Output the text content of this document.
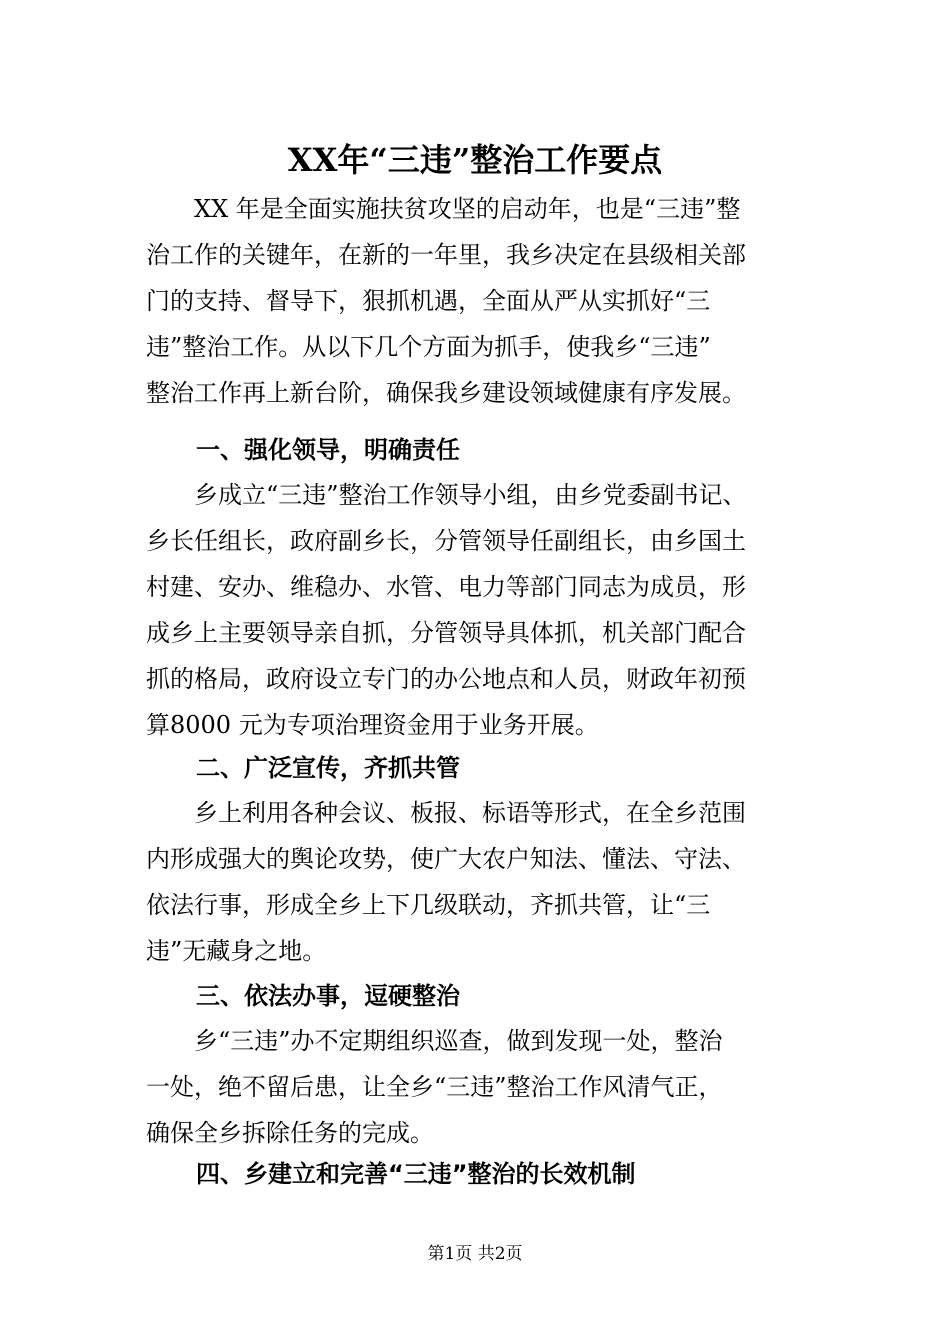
XX年“三违”整治工作要点
XX 年是全面实施扶贫攻坚的启动年，也是“三违”整
治工作的关键年，在新的一年里，我乡决定在县级相关部
门的支持、督导下，狠抓机遇，全面从严从实抓好“三
违”整治工作。从以下几个方面为抓手，使我乡“三违”
整治工作再上新台阶，确保我乡建设领域健康有序发展。
一、强化领导，明确责任
乡成立“三违”整治工作领导小组，由乡党委副书记、
乡长任组长，政府副乡长，分管领导任副组长，由乡国土
村建、安办、维稳办、水管、电力等部门同志为成员，形
成乡上主要领导亲自抓，分管领导具体抓，机关部门配合
抓的格局，政府设立专门的办公地点和人员，财政年初预
算8000 元为专项治理资金用于业务开展。
二、广泛宣传，齐抓共管
乡上利用各种会议、板报、标语等形式，在全乡范围
内形成强大的舆论攻势，使广大农户知法、懂法、守法、
依法行事，形成全乡上下几级联动，齐抓共管，让“三
违”无藏身之地。
三、依法办事，逗硬整治
乡“三违”办不定期组织巡查，做到发现一处，整治
一处，绝不留后患，让全乡“三违”整治工作风清气正，
确保全乡拆除任务的完成。
四、乡建立和完善“三违”整治的长效机制
第1页 共2页
